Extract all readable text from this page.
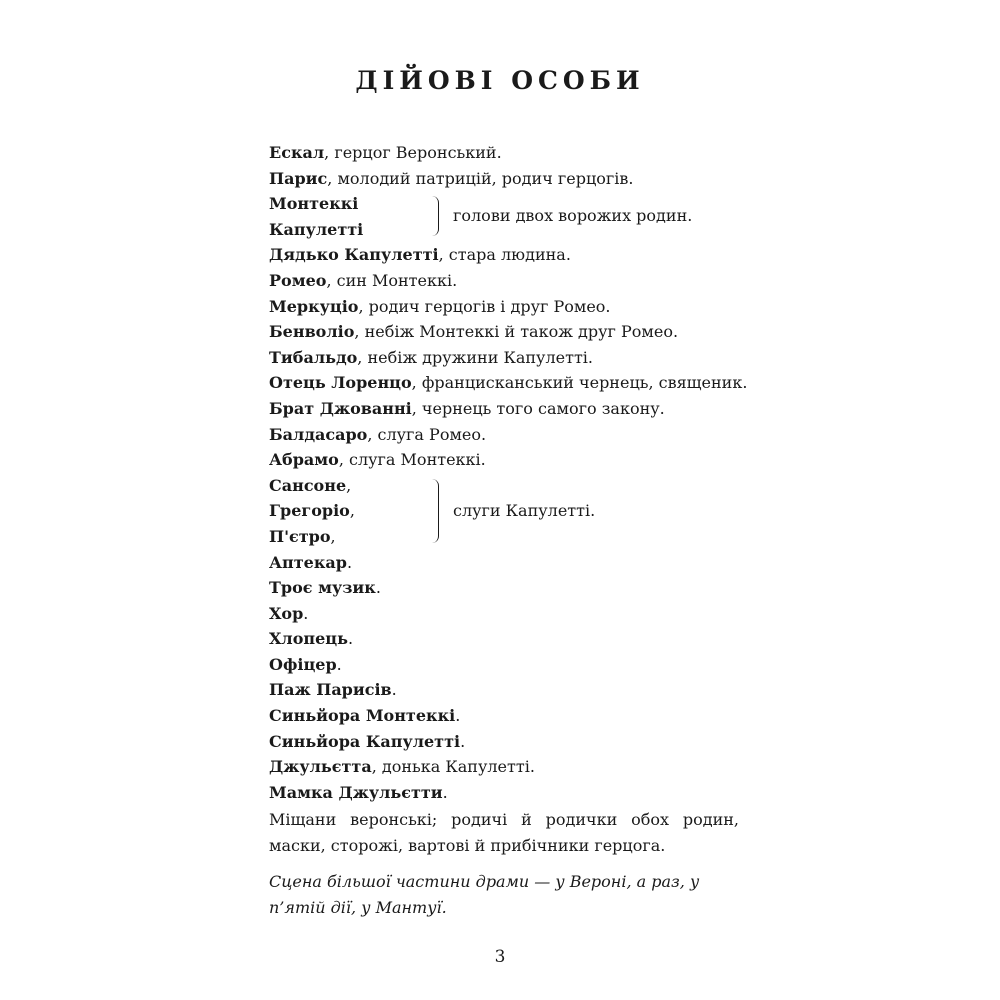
ДІЙОВІ ОСОБИ
Ескал, герцог Веронський.
Парис, молодий патрицій, родич герцогів.
Монтеккі
Капулетті
голови двох ворожих родин.
Дядько Капулетті, стара людина.
Ромео, син Монтеккі.
Меркуціо, родич герцогів і друг Ромео.
Бенволіо, небіж Монтеккі й також друг Ромео.
Тибальдо, небіж дружини Капулетті.
Отець Лоренцо, францисканський чернець, священик.
Брат Джованні, чернець того самого закону.
Балдасаро, слуга Ромео.
Абрамо, слуга Монтеккі.
Сансоне,
Грегоріо,
П'єтро,
слуги Капулетті.
Аптекар.
Троє музик.
Хор.
Хлопець.
Офіцер.
Паж Парисів.
Синьйора Монтеккі.
Синьйора Капулетті.
Джульєтта, донька Капулетті.
Мамка Джульєтти.
Міщани веронські; родичі й родички обох родин, маски, сторожі, вартові й прибічники герцога.
Сцена більшої частини драми — у Вероні, а раз, у п’ятій дії, у Мантуї.
3
